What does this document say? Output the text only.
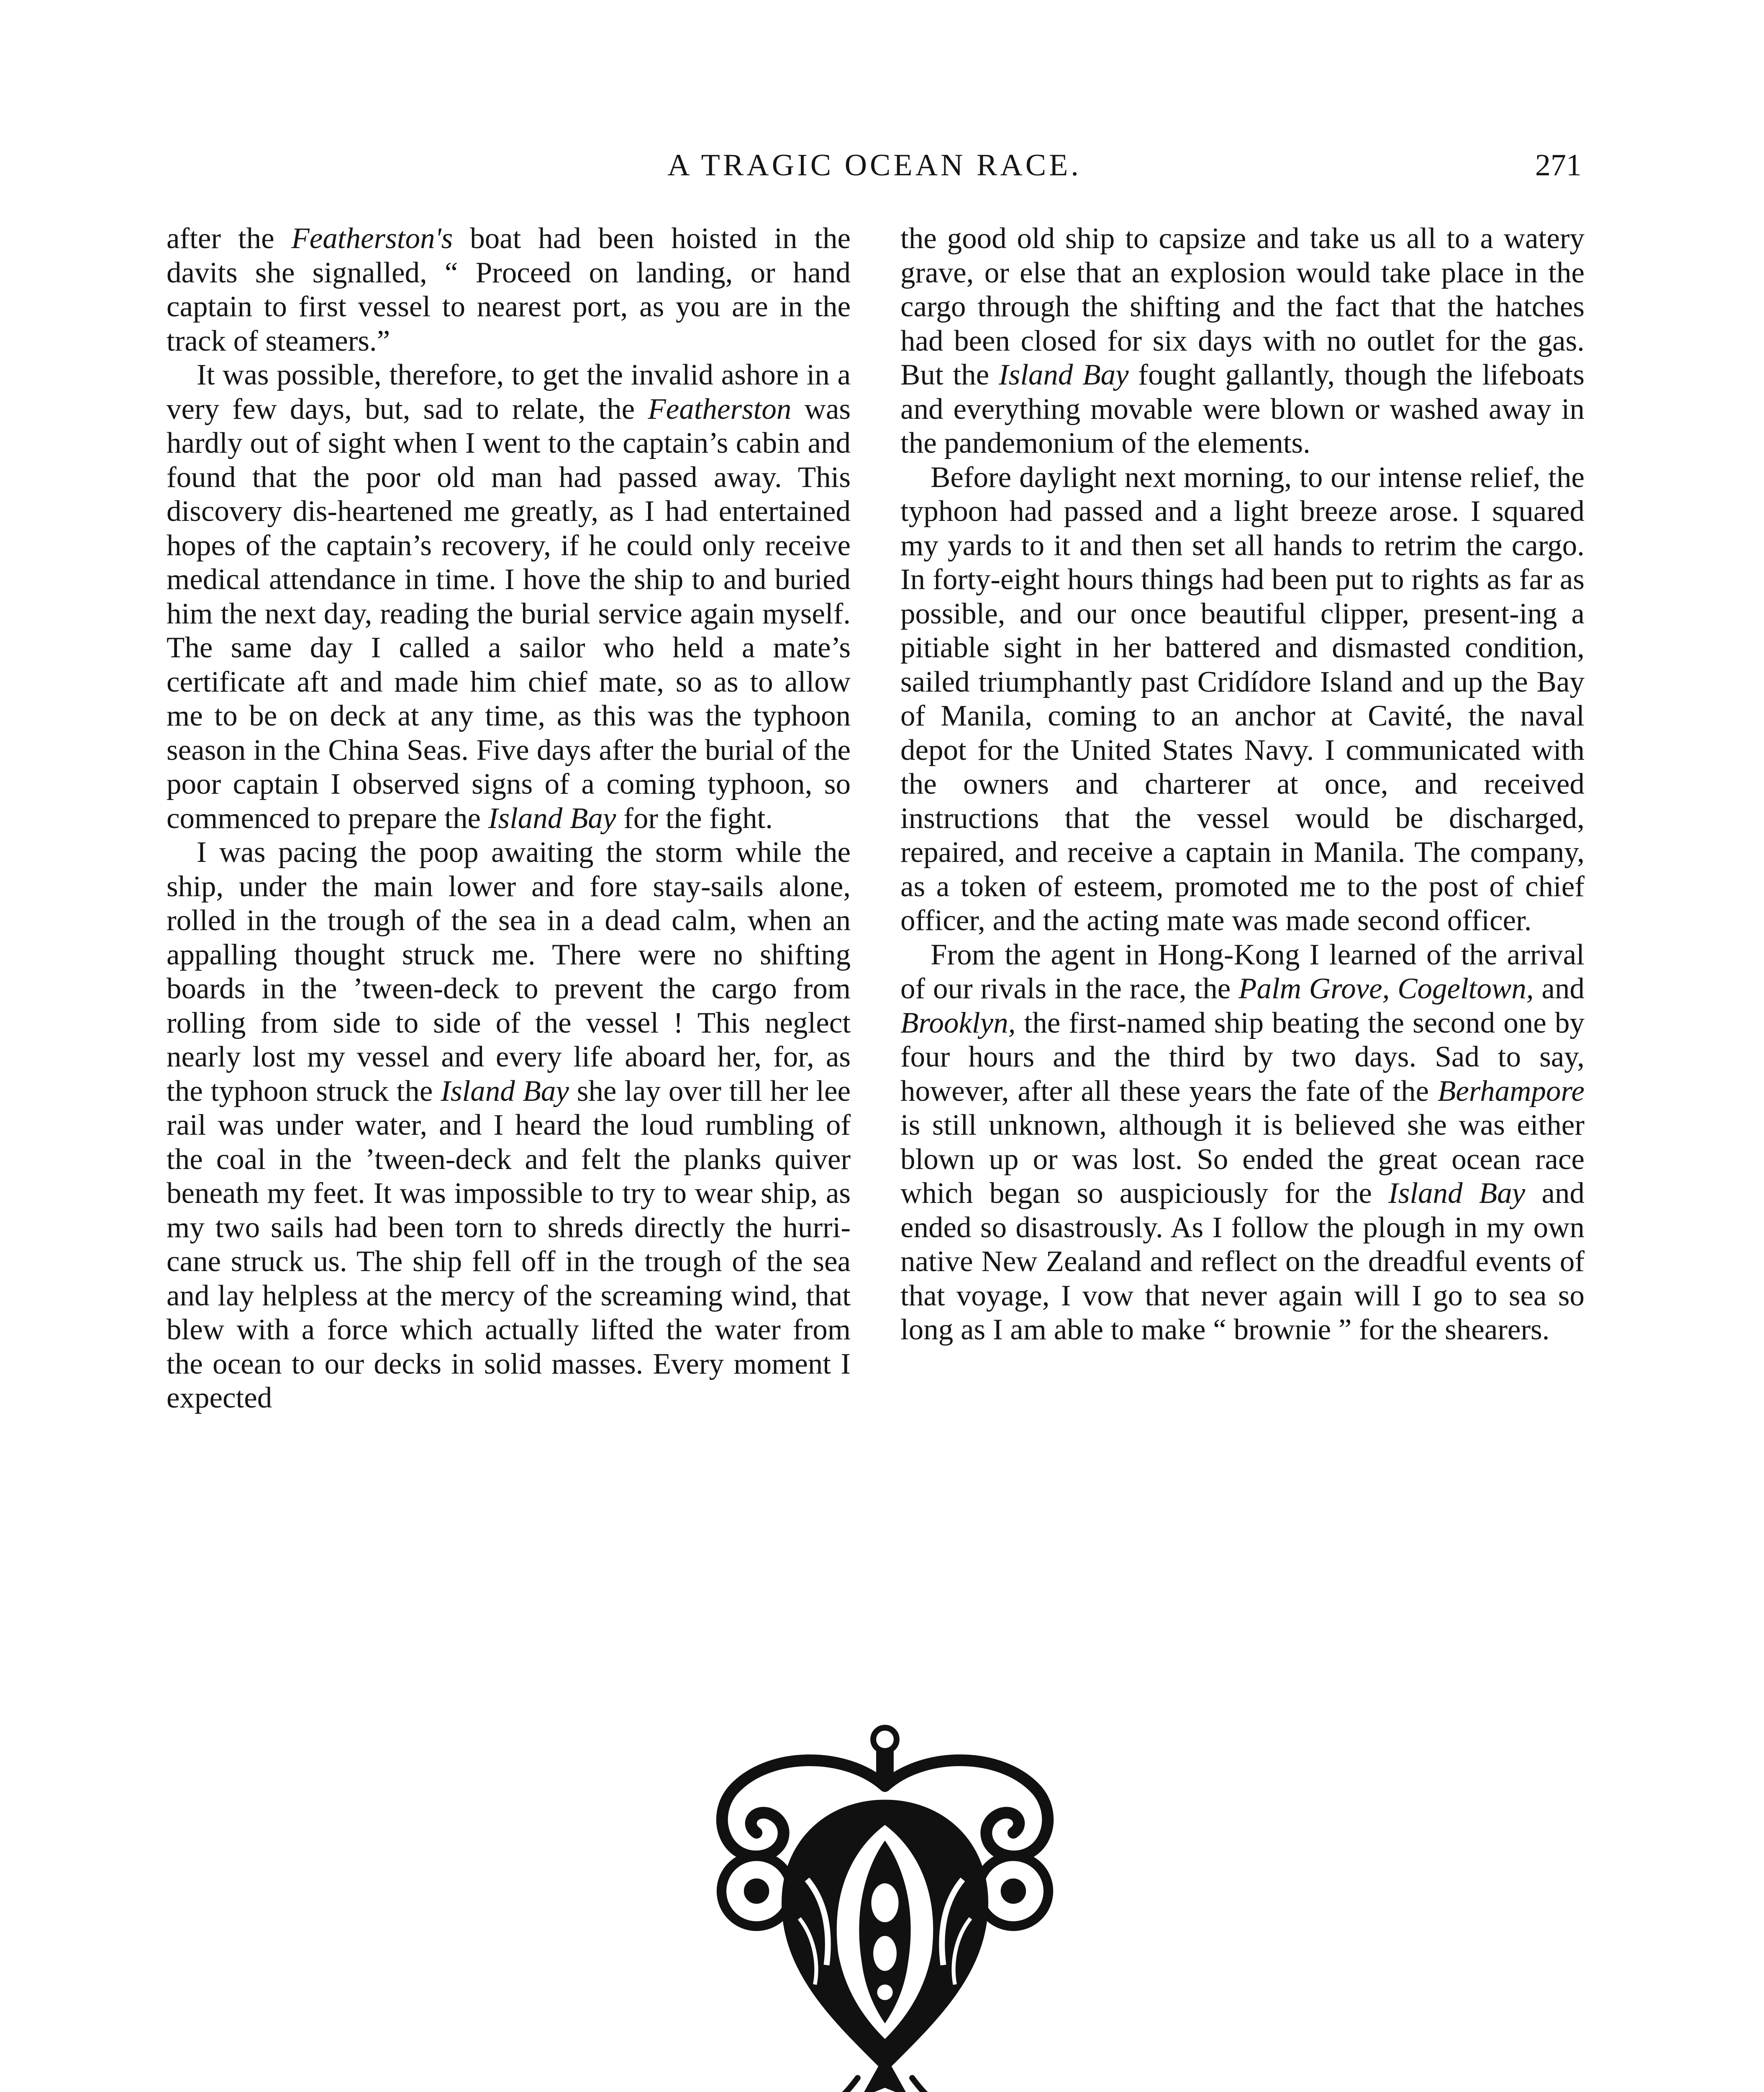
A TRAGIC OCEAN RACE.	271

after the Featherston's boat had been hoisted in the davits she signalled, “ Proceed on landing, or hand captain to first vessel to nearest port, as you are in the track of steamers.”

It was possible, therefore, to get the invalid ashore in a very few days, but, sad to relate, the Featherston was hardly out of sight when I went to the captain’s cabin and found that the poor old man had passed away. This discovery dis-heartened me greatly, as I had entertained hopes of the captain’s recovery, if he could only receive medical attendance in time. I hove the ship to and buried him the next day, reading the burial service again myself. The same day I called a sailor who held a mate’s certificate aft and made him chief mate, so as to allow me to be on deck at any time, as this was the typhoon season in the China Seas. Five days after the burial of the poor captain I observed signs of a coming typhoon, so commenced to prepare the Island Bay for the fight.

I was pacing the poop awaiting the storm while the ship, under the main lower and fore stay-sails alone, rolled in the trough of the sea in a dead calm, when an appalling thought struck me. There were no shifting boards in the ’tween-deck to prevent the cargo from rolling from side to side of the vessel ! This neglect nearly lost my vessel and every life aboard her, for, as the typhoon struck the Island Bay she lay over till her lee rail was under water, and I heard the loud rumbling of the coal in the ’tween-deck and felt the planks quiver beneath my feet. It was impossible to try to wear ship, as my two sails had been torn to shreds directly the hurri-cane struck us. The ship fell off in the trough of the sea and lay helpless at the mercy of the screaming wind, that blew with a force which actually lifted the water from the ocean to our decks in solid masses. Every moment I expected

the good old ship to capsize and take us all to a watery grave, or else that an explosion would take place in the cargo through the shifting and the fact that the hatches had been closed for six days with no outlet for the gas. But the Island Bay fought gallantly, though the lifeboats and everything movable were blown or washed away in the pandemonium of the elements.

Before daylight next morning, to our intense relief, the typhoon had passed and a light breeze arose. I squared my yards to it and then set all hands to retrim the cargo. In forty-eight hours things had been put to rights as far as possible, and our once beautiful clipper, present-ing a pitiable sight in her battered and dismasted condition, sailed triumphantly past Cridídore Island and up the Bay of Manila, coming to an anchor at Cavité, the naval depot for the United States Navy. I communicated with the owners and charterer at once, and received instructions that the vessel would be discharged, repaired, and receive a captain in Manila. The company, as a token of esteem, promoted me to the post of chief officer, and the acting mate was made second officer.

From the agent in Hong-Kong I learned of the arrival of our rivals in the race, the Palm Grove, Cogeltown, and Brooklyn, the first-named ship beating the second one by four hours and the third by two days. Sad to say, however, after all these years the fate of the Berhampore is still unknown, although it is believed she was either blown up or was lost. So ended the great ocean race which began so auspiciously for the Island Bay and ended so disastrously. As I follow the plough in my own native New Zealand and reflect on the dreadful events of that voyage, I vow that never again will I go to sea so long as I am able to make “ brownie ” for the shearers.
